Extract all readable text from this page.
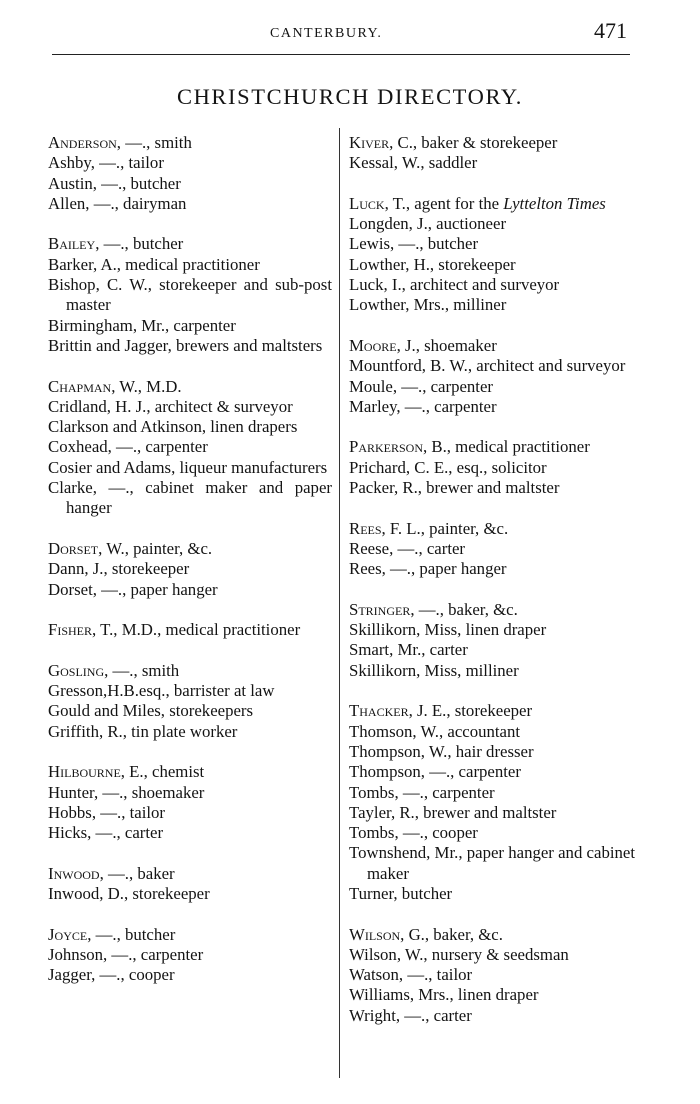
CANTERBURY.	471
CHRISTCHURCH DIRECTORY.
Anderson, —., smith
Ashby, —., tailor
Austin, —., butcher
Allen, —., dairyman
Bailey, —., butcher
Barker, A., medical practitioner
Bishop, C. W., storekeeper and sub-post master
Birmingham, Mr., carpenter
Brittin and Jagger, brewers and maltsters
Chapman, W., M.D.
Cridland, H. J., architect & surveyor
Clarkson and Atkinson, linen drapers
Coxhead, —., carpenter
Cosier and Adams, liqueur manufacturers
Clarke, —., cabinet maker and paper hanger
Dorset, W., painter, &c.
Dann, J., storekeeper
Dorset, —., paper hanger
Fisher, T., M.D., medical practitioner
Gosling, —., smith
Gresson,H.B.esq., barrister at law
Gould and Miles, storekeepers
Griffith, R., tin plate worker
Hilbourne, E., chemist
Hunter, —., shoemaker
Hobbs, —., tailor
Hicks, —., carter
Inwood, —., baker
Inwood, D., storekeeper
Joyce, —., butcher
Johnson, —., carpenter
Jagger, —., cooper
Kiver, C., baker & storekeeper
Kessal, W., saddler
Luck, T., agent for the Lyttelton Times
Longden, J., auctioneer
Lewis, —., butcher
Lowther, H., storekeeper
Luck, I., architect and surveyor
Lowther, Mrs., milliner
Moore, J., shoemaker
Mountford, B. W., architect and surveyor
Moule, —., carpenter
Marley, —., carpenter
Parkerson, B., medical practitioner
Prichard, C. E., esq., solicitor
Packer, R., brewer and maltster
Rees, F. L., painter, &c.
Reese, —., carter
Rees, —., paper hanger
Stringer, —., baker, &c.
Skillikorn, Miss, linen draper
Smart, Mr., carter
Skillikorn, Miss, milliner
Thacker, J. E., storekeeper
Thomson, W., accountant
Thompson, W., hair dresser
Thompson, —., carpenter
Tombs, —., carpenter
Tayler, R., brewer and maltster
Tombs, —., cooper
Townshend, Mr., paper hanger and cabinet maker
Turner, butcher
Wilson, G., baker, &c.
Wilson, W., nursery & seedsman
Watson, —., tailor
Williams, Mrs., linen draper
Wright, —., carter
